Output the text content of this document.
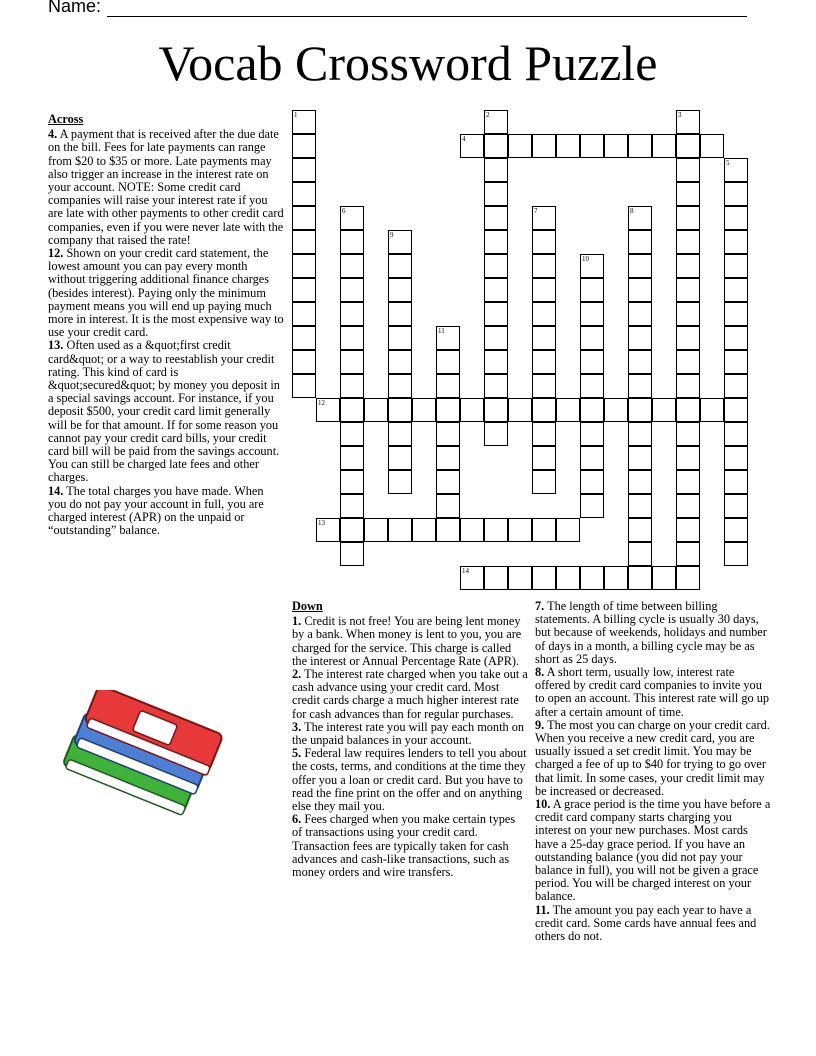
Name:
Vocab Crossword Puzzle
1	2	3
4
5
6	7	8
9
10
11
12
13
14
Across
4. A payment that is received after the due date on the bill. Fees for late payments can range from $20 to $35 or more. Late payments may also trigger an increase in the interest rate on your account. NOTE: Some credit card companies will raise your interest rate if you are late with other payments to other credit card companies, even if you were never late with the company that raised the rate!
12. Shown on your credit card statement, the lowest amount you can pay every month without triggering additional finance charges (besides interest). Paying only the minimum payment means you will end up paying much more in interest. It is the most expensive way to use your credit card.
13. Often used as a &quot;first credit card&quot; or a way to reestablish your credit rating. This kind of card is &quot;secured&quot; by money you deposit in a special savings account. For instance, if you deposit $500, your credit card limit generally will be for that amount. If for some reason you cannot pay your credit card bills, your credit card bill will be paid from the savings account. You can still be charged late fees and other charges.
14. The total charges you have made. When you do not pay your account in full, you are charged interest (APR) on the unpaid or “outstanding” balance.
Down
1. Credit is not free! You are being lent money by a bank. When money is lent to you, you are charged for the service. This charge is called the interest or Annual Percentage Rate (APR).
2. The interest rate charged when you take out a cash advance using your credit card. Most credit cards charge a much higher interest rate for cash advances than for regular purchases.
3. The interest rate you will pay each month on the unpaid balances in your account.
5. Federal law requires lenders to tell you about the costs, terms, and conditions at the time they offer you a loan or credit card. But you have to read the fine print on the offer and on anything else they mail you.
6. Fees charged when you make certain types of transactions using your credit card. Transaction fees are typically taken for cash advances and cash-like transactions, such as money orders and wire transfers.
7. The length of time between billing statements. A billing cycle is usually 30 days, but because of weekends, holidays and number of days in a month, a billing cycle may be as short as 25 days.
8. A short term, usually low, interest rate offered by credit card companies to invite you to open an account. This interest rate will go up after a certain amount of time.
9. The most you can charge on your credit card. When you receive a new credit card, you are usually issued a set credit limit. You may be charged a fee of up to $40 for trying to go over that limit. In some cases, your credit limit may be increased or decreased.
10. A grace period is the time you have before a credit card company starts charging you interest on your new purchases. Most cards have a 25-day grace period. If you have an outstanding balance (you did not pay your balance in full), you will not be given a grace period. You will be charged interest on your balance.
11. The amount you pay each year to have a credit card. Some cards have annual fees and others do not.
